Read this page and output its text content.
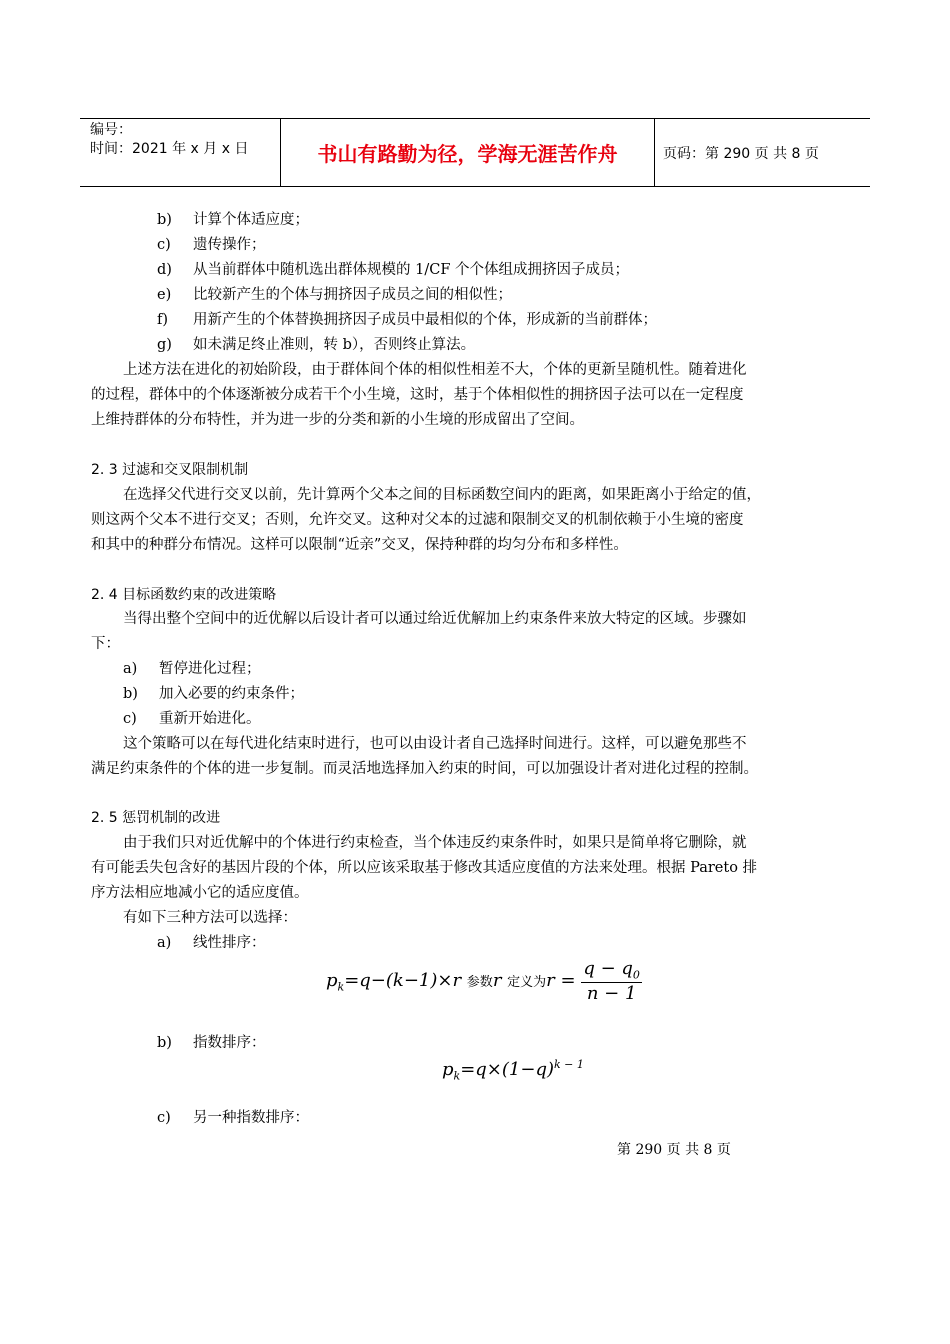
编号：
时间：2021 年 x 月 x 日	书山有路勤为径，学海无涯苦作舟	页码：第 290 页 共 8 页
b) 计算个体适应度；
c) 遗传操作；
d) 从当前群体中随机选出群体规模的 1/CF 个个体组成拥挤因子成员；
e) 比较新产生的个体与拥挤因子成员之间的相似性；
f) 用新产生的个体替换拥挤因子成员中最相似的个体，形成新的当前群体；
g) 如未满足终止准则，转 b），否则终止算法。
上述方法在进化的初始阶段，由于群体间个体的相似性相差不大，个体的更新呈随机性。随着进化
的过程，群体中的个体逐渐被分成若干个小生境，这时，基于个体相似性的拥挤因子法可以在一定程度
上维持群体的分布特性，并为进一步的分类和新的小生境的形成留出了空间。
2. 3 过滤和交叉限制机制
在选择父代进行交叉以前，先计算两个父本之间的目标函数空间内的距离，如果距离小于给定的值，
则这两个父本不进行交叉；否则，允许交叉。这种对父本的过滤和限制交叉的机制依赖于小生境的密度
和其中的种群分布情况。这样可以限制“近亲”交叉，保持种群的均匀分布和多样性。
2. 4 目标函数约束的改进策略
当得出整个空间中的近优解以后设计者可以通过给近优解加上约束条件来放大特定的区域。步骤如
下：
a) 暂停进化过程；
b) 加入必要的约束条件；
c) 重新开始进化。
这个策略可以在每代进化结束时进行，也可以由设计者自己选择时间进行。这样，可以避免那些不
满足约束条件的个体的进一步复制。而灵活地选择加入约束的时间，可以加强设计者对进化过程的控制。
2. 5 惩罚机制的改进
由于我们只对近优解中的个体进行约束检查，当个体违反约束条件时，如果只是简单将它删除，就
有可能丢失包含好的基因片段的个体，所以应该采取基于修改其适应度值的方法来处理。根据 Pareto 排
序方法相应地减小它的适应度值。
有如下三种方法可以选择：
a) 线性排序：
$p_k=q-(k-1)\times r$ 参数r 定义为$r = \frac{q - q_0}{n - 1}$
b) 指数排序：
$p_k=q\times(1-q)^{k - 1}$
c) 另一种指数排序：
第 290 页 共 8 页
